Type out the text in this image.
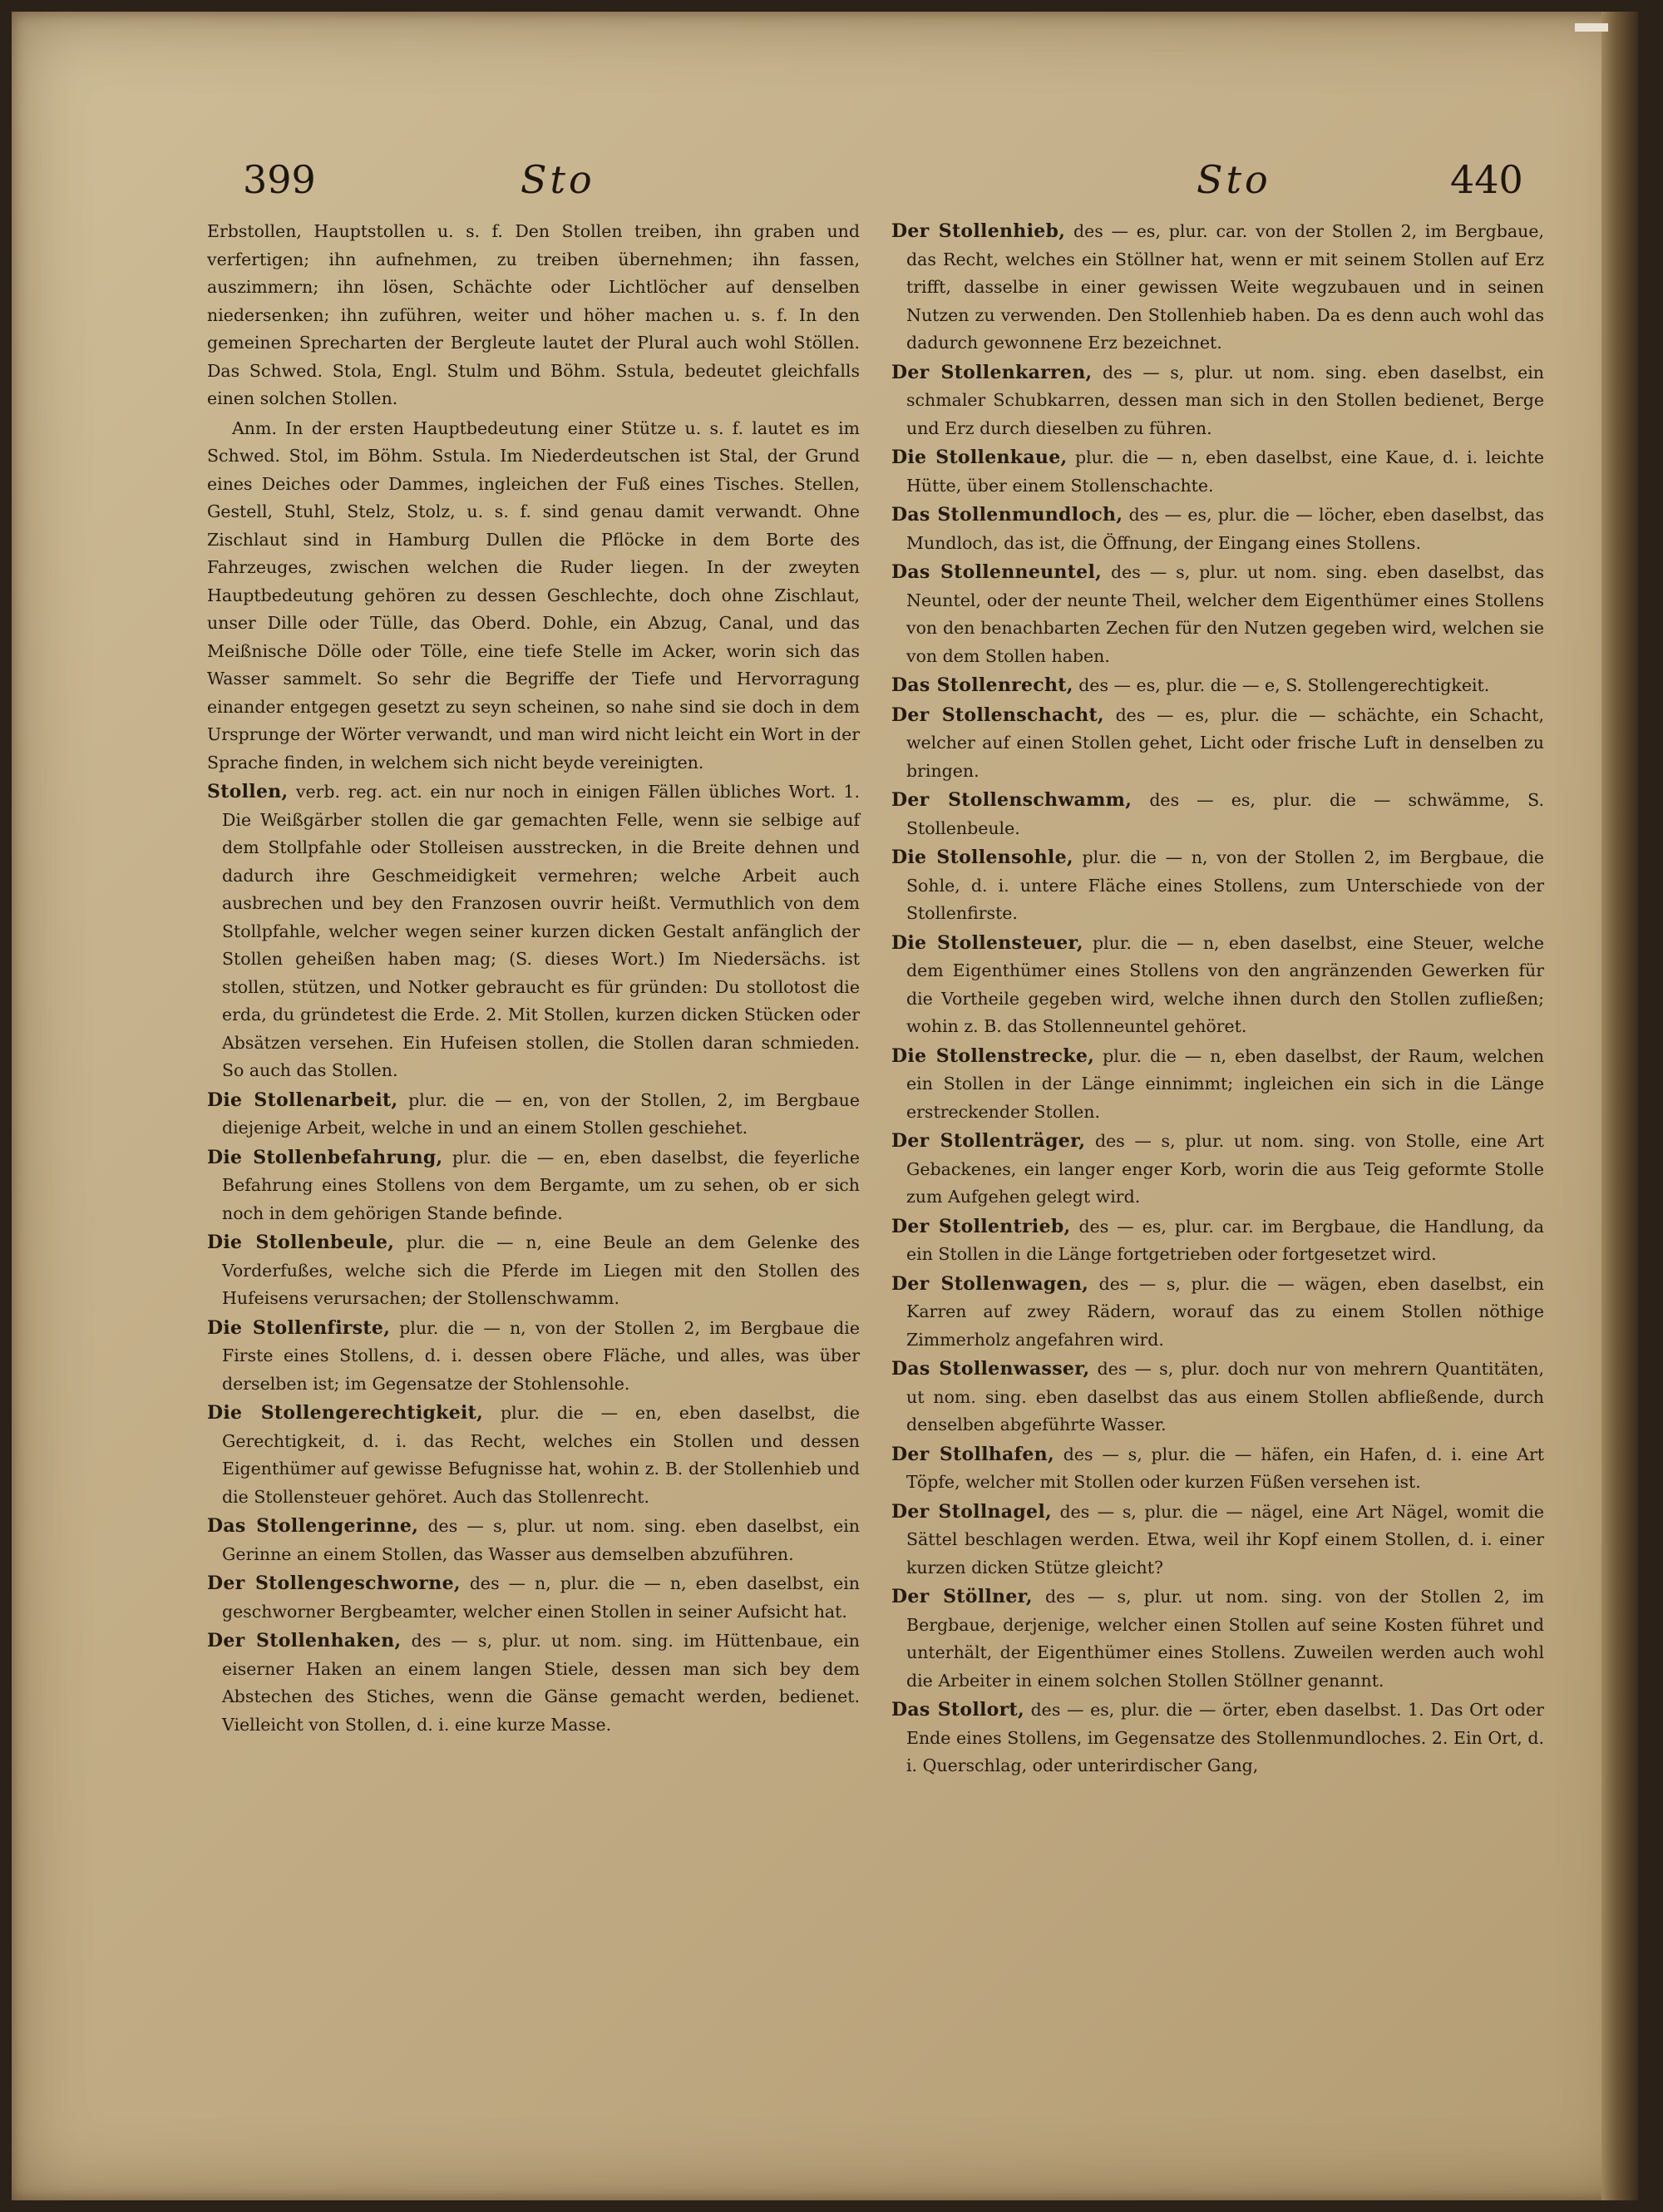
399	Sto	Sto	440

Erbstollen, Hauptstollen u. s. f. Den Stollen treiben, ihn graben und verfertigen; ihn aufnehmen, zu treiben übernehmen; ihn fassen, auszimmern; ihn lösen, Schächte oder Lichtlöcher auf denselben niedersenken; ihn zuführen, weiter und höher machen u. s. f. In den gemeinen Sprecharten der Bergleute lautet der Plural auch wohl Stöllen. Das Schwed. Stola, Engl. Stulm und Böhm. Sstula, bedeutet gleichfalls einen solchen Stollen.

Anm. In der ersten Hauptbedeutung einer Stütze u. s. f. lautet es im Schwed. Stol, im Böhm. Sstula. Im Niederdeutschen ist Stal, der Grund eines Deiches oder Dammes, ingleichen der Fuß eines Tisches. Stellen, Gestell, Stuhl, Stelz, Stolz, u. s. f. sind genau damit verwandt. Ohne Zischlaut sind in Hamburg Dullen die Pflöcke in dem Borte des Fahrzeuges, zwischen welchen die Ruder liegen. In der zweyten Hauptbedeutung gehören zu dessen Geschlechte, doch ohne Zischlaut, unser Dille oder Tülle, das Oberd. Dohle, ein Abzug, Canal, und das Meißnische Dölle oder Tölle, eine tiefe Stelle im Acker, worin sich das Wasser sammelt. So sehr die Begriffe der Tiefe und Hervorragung einander entgegen gesetzt zu seyn scheinen, so nahe sind sie doch in dem Ursprunge der Wörter verwandt, und man wird nicht leicht ein Wort in der Sprache finden, in welchem sich nicht beyde vereinigten.

Stollen, verb. reg. act. ein nur noch in einigen Fällen übliches Wort. 1. Die Weißgärber stollen die gar gemachten Felle, wenn sie selbige auf dem Stollpfahle oder Stolleisen ausstrecken, in die Breite dehnen und dadurch ihre Geschmeidigkeit vermehren; welche Arbeit auch ausbrechen und bey den Franzosen ouvrir heißt. Vermuthlich von dem Stollpfahle, welcher wegen seiner kurzen dicken Gestalt anfänglich der Stollen geheißen haben mag; (S. dieses Wort.) Im Niedersächs. ist stollen, stützen, und Notker gebraucht es für gründen: Du stollotost die erda, du gründetest die Erde. 2. Mit Stollen, kurzen dicken Stücken oder Absätzen versehen. Ein Hufeisen stollen, die Stollen daran schmieden. So auch das Stollen.

Die Stollenarbeit, plur. die — en, von der Stollen, 2, im Bergbaue diejenige Arbeit, welche in und an einem Stollen geschiehet.

Die Stollenbefahrung, plur. die — en, eben daselbst, die feyerliche Befahrung eines Stollens von dem Bergamte, um zu sehen, ob er sich noch in dem gehörigen Stande befinde.

Die Stollenbeule, plur. die — n, eine Beule an dem Gelenke des Vorderfußes, welche sich die Pferde im Liegen mit den Stollen des Hufeisens verursachen; der Stollenschwamm.

Die Stollenfirste, plur. die — n, von der Stollen 2, im Bergbaue die Firste eines Stollens, d. i. dessen obere Fläche, und alles, was über derselben ist; im Gegensatze der Stohlensohle.

Die Stollengerechtigkeit, plur. die — en, eben daselbst, die Gerechtigkeit, d. i. das Recht, welches ein Stollen und dessen Eigenthümer auf gewisse Befugnisse hat, wohin z. B. der Stollenhieb und die Stollensteuer gehöret. Auch das Stollenrecht.

Das Stollengerinne, des — s, plur. ut nom. sing. eben daselbst, ein Gerinne an einem Stollen, das Wasser aus demselben abzuführen.

Der Stollengeschworne, des — n, plur. die — n, eben daselbst, ein geschworner Bergbeamter, welcher einen Stollen in seiner Aufsicht hat.

Der Stollenhaken, des — s, plur. ut nom. sing. im Hüttenbaue, ein eiserner Haken an einem langen Stiele, dessen man sich bey dem Abstechen des Stiches, wenn die Gänse gemacht werden, bedienet. Vielleicht von Stollen, d. i. eine kurze Masse.

Der Stollenhieb, des — es, plur. car. von der Stollen 2, im Bergbaue, das Recht, welches ein Stöllner hat, wenn er mit seinem Stollen auf Erz trifft, dasselbe in einer gewissen Weite wegzubauen und in seinen Nutzen zu verwenden. Den Stollenhieb haben. Da es denn auch wohl das dadurch gewonnene Erz bezeichnet.

Der Stollenkarren, des — s, plur. ut nom. sing. eben daselbst, ein schmaler Schubkarren, dessen man sich in den Stollen bedienet, Berge und Erz durch dieselben zu führen.

Die Stollenkaue, plur. die — n, eben daselbst, eine Kaue, d. i. leichte Hütte, über einem Stollenschachte.

Das Stollenmundloch, des — es, plur. die — löcher, eben daselbst, das Mundloch, das ist, die Öffnung, der Eingang eines Stollens.

Das Stollenneuntel, des — s, plur. ut nom. sing. eben daselbst, das Neuntel, oder der neunte Theil, welcher dem Eigenthümer eines Stollens von den benachbarten Zechen für den Nutzen gegeben wird, welchen sie von dem Stollen haben.

Das Stollenrecht, des — es, plur. die — e, S. Stollengerechtigkeit.

Der Stollenschacht, des — es, plur. die — schächte, ein Schacht, welcher auf einen Stollen gehet, Licht oder frische Luft in denselben zu bringen.

Der Stollenschwamm, des — es, plur. die — schwämme, S. Stollenbeule.

Die Stollensohle, plur. die — n, von der Stollen 2, im Bergbaue, die Sohle, d. i. untere Fläche eines Stollens, zum Unterschiede von der Stollenfirste.

Die Stollensteuer, plur. die — n, eben daselbst, eine Steuer, welche dem Eigenthümer eines Stollens von den angränzenden Gewerken für die Vortheile gegeben wird, welche ihnen durch den Stollen zufließen; wohin z. B. das Stollenneuntel gehöret.

Die Stollenstrecke, plur. die — n, eben daselbst, der Raum, welchen ein Stollen in der Länge einnimmt; ingleichen ein sich in die Länge erstreckender Stollen.

Der Stollenträger, des — s, plur. ut nom. sing. von Stolle, eine Art Gebackenes, ein langer enger Korb, worin die aus Teig geformte Stolle zum Aufgehen gelegt wird.

Der Stollentrieb, des — es, plur. car. im Bergbaue, die Handlung, da ein Stollen in die Länge fortgetrieben oder fortgesetzet wird.

Der Stollenwagen, des — s, plur. die — wägen, eben daselbst, ein Karren auf zwey Rädern, worauf das zu einem Stollen nöthige Zimmerholz angefahren wird.

Das Stollenwasser, des — s, plur. doch nur von mehrern Quantitäten, ut nom. sing. eben daselbst das aus einem Stollen abfließende, durch denselben abgeführte Wasser.

Der Stollhafen, des — s, plur. die — häfen, ein Hafen, d. i. eine Art Töpfe, welcher mit Stollen oder kurzen Füßen versehen ist.

Der Stollnagel, des — s, plur. die — nägel, eine Art Nägel, womit die Sättel beschlagen werden. Etwa, weil ihr Kopf einem Stollen, d. i. einer kurzen dicken Stütze gleicht?

Der Stöllner, des — s, plur. ut nom. sing. von der Stollen 2, im Bergbaue, derjenige, welcher einen Stollen auf seine Kosten führet und unterhält, der Eigenthümer eines Stollens. Zuweilen werden auch wohl die Arbeiter in einem solchen Stollen Stöllner genannt.

Das Stollort, des — es, plur. die — örter, eben daselbst. 1. Das Ort oder Ende eines Stollens, im Gegensatze des Stollenmundloches. 2. Ein Ort, d. i. Querschlag, oder unterirdischer Gang,
